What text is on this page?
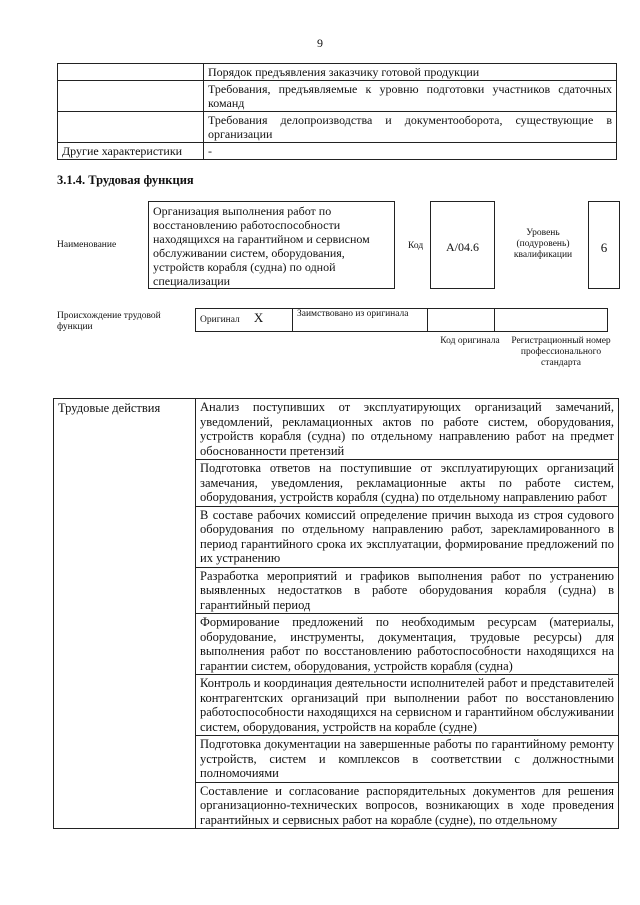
9
	Порядок предъявления заказчику готовой продукции
	Требования, предъявляемые к уровню подготовки участников сдаточных команд
	Требования делопроизводства и документооборота, существующие в организации
Другие характеристики	-
3.1.4. Трудовая функция
Наименование
Организация выполнения работ по восстановлению работоспособности находящихся на гарантийном и сервисном обслуживании систем, оборудования, устройств корабля (судна) по одной специализации
Код	A/04.6
Уровень (подуровень) квалификации	6
Происхождение трудовой функции
Оригинал X	Заимствовано из оригинала		
Код оригинала	Регистрационный номер профессионального стандарта
Трудовые действия	Анализ поступивших от эксплуатирующих организаций замечаний, уведомлений, рекламационных актов по работе систем, оборудования, устройств корабля (судна) по отдельному направлению работ на предмет обоснованности претензий
Подготовка ответов на поступившие от эксплуатирующих организаций замечания, уведомления, рекламационные акты по работе систем, оборудования, устройств корабля (судна) по отдельному направлению работ
В составе рабочих комиссий определение причин выхода из строя судового оборудования по отдельному направлению работ, зарекламированного в период гарантийного срока их эксплуатации, формирование предложений по их устранению
Разработка мероприятий и графиков выполнения работ по устранению выявленных недостатков в работе оборудования корабля (судна) в гарантийный период
Формирование предложений по необходимым ресурсам (материалы, оборудование, инструменты, документация, трудовые ресурсы) для выполнения работ по восстановлению работоспособности находящихся на гарантии систем, оборудования, устройств корабля (судна)
Контроль и координация деятельности исполнителей работ и представителей контрагентских организаций при выполнении работ по восстановлению работоспособности находящихся на сервисном и гарантийном обслуживании систем, оборудования, устройств на корабле (судне)
Подготовка документации на завершенные работы по гарантийному ремонту устройств, систем и комплексов в соответствии с должностными полномочиями
Составление и согласование распорядительных документов для решения организационно-технических вопросов, возникающих в ходе проведения гарантийных и сервисных работ на корабле (судне), по отдельному
